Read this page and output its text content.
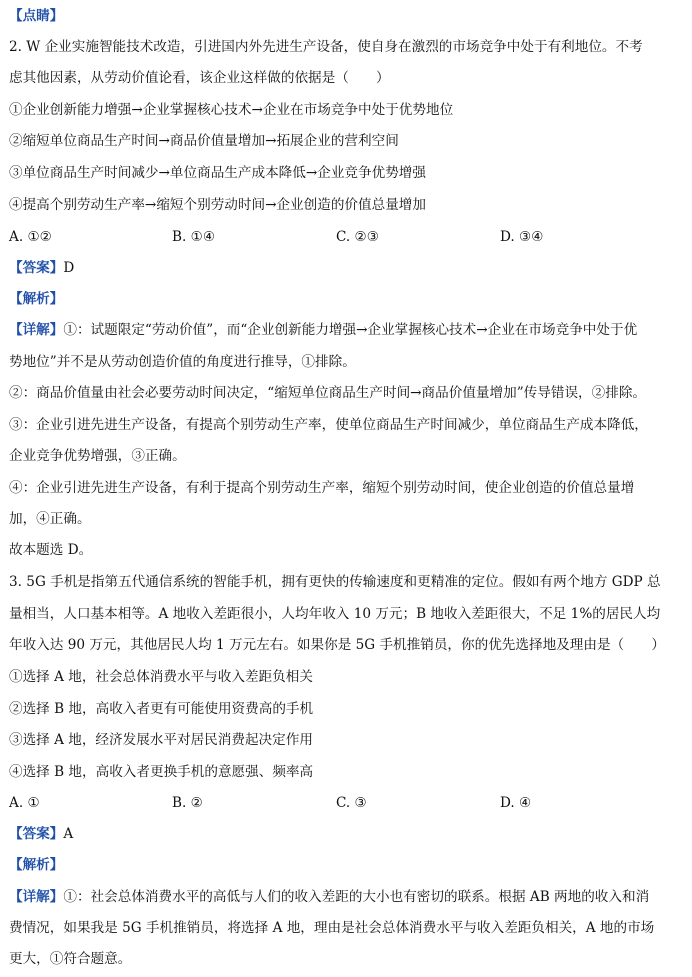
【点睛】
2. W 企业实施智能技术改造，引进国内外先进生产设备，使自身在激烈的市场竞争中处于有利地位。不考
虑其他因素，从劳动价值论看，该企业这样做的依据是（　　）
①企业创新能力增强→企业掌握核心技术→企业在市场竞争中处于优势地位
②缩短单位商品生产时间→商品价值量增加→拓展企业的营利空间
③单位商品生产时间减少→单位商品生产成本降低→企业竞争优势增强
④提高个别劳动生产率→缩短个别劳动时间→企业创造的价值总量增加
A. ①②	B. ①④	C. ②③	D. ③④
【答案】D
【解析】
【详解】①：试题限定“劳动价值”，而“企业创新能力增强→企业掌握核心技术→企业在市场竞争中处于优
势地位”并不是从劳动创造价值的角度进行推导，①排除。
②：商品价值量由社会必要劳动时间决定，“缩短单位商品生产时间→商品价值量增加”传导错误，②排除。
③：企业引进先进生产设备，有提高个别劳动生产率，使单位商品生产时间减少，单位商品生产成本降低，
企业竞争优势增强，③正确。
④：企业引进先进生产设备，有利于提高个别劳动生产率，缩短个别劳动时间，使企业创造的价值总量增
加，④正确。
故本题选 D。
3. 5G 手机是指第五代通信系统的智能手机，拥有更快的传输速度和更精准的定位。假如有两个地方 GDP 总
量相当，人口基本相等。A 地收入差距很小，人均年收入 10 万元；B 地收入差距很大，不足 1%的居民人均
年收入达 90 万元，其他居民人均 1 万元左右。如果你是 5G 手机推销员，你的优先选择地及理由是（　　）
①选择 A 地，社会总体消费水平与收入差距负相关
②选择 B 地，高收入者更有可能使用资费高的手机
③选择 A 地，经济发展水平对居民消费起决定作用
④选择 B 地，高收入者更换手机的意愿强、频率高
A. ①	B. ②	C. ③	D. ④
【答案】A
【解析】
【详解】①：社会总体消费水平的高低与人们的收入差距的大小也有密切的联系。根据 AB 两地的收入和消
费情况，如果我是 5G 手机推销员，将选择 A 地，理由是社会总体消费水平与收入差距负相关，A 地的市场
更大，①符合题意。
